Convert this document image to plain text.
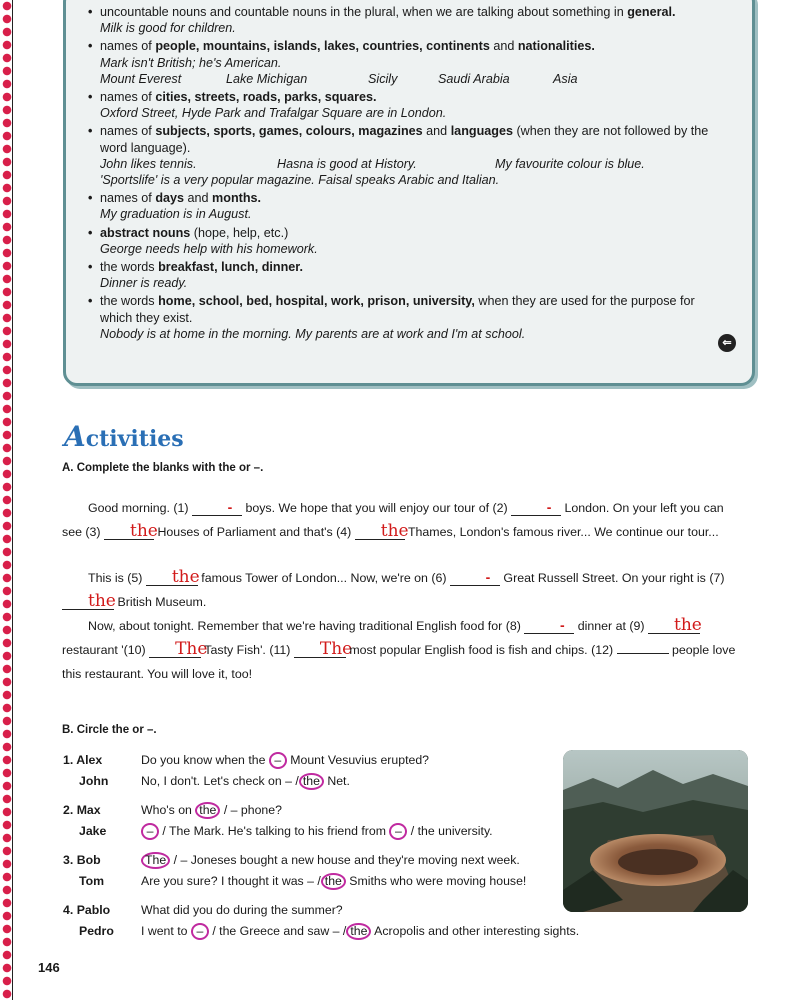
• uncountable nouns and countable nouns in the plural, when we are talking about something in general.
Milk is good for children.
• names of people, mountains, islands, lakes, countries, continents and nationalities.
Mark isn't British; he's American.
Mount Everest	Lake Michigan	Sicily	Saudi Arabia	Asia
• names of cities, streets, roads, parks, squares.
Oxford Street, Hyde Park and Trafalgar Square are in London.
• names of subjects, sports, games, colours, magazines and languages (when they are not followed by the word language).
John likes tennis.	Hasna is good at History.	My favourite colour is blue.
'Sportslife' is a very popular magazine. Faisal speaks Arabic and Italian.
• names of days and months.
My graduation is in August.
• abstract nouns (hope, help, etc.)
George needs help with his homework.
• the words breakfast, lunch, dinner.
Dinner is ready.
• the words home, school, bed, hospital, work, prison, university, when they are used for the purpose for which they exist.
Nobody is at home in the morning. My parents are at work and I'm at school.
⇐
Activities
A. Complete the blanks with the or –.
Good morning. (1)	- boys. We hope that you will enjoy our tour of (2)	- London. On your left you can see (3) the Houses of Parliament and that's (4) the Thames, London's famous river... We continue our tour...
This is (5) the famous Tower of London... Now, we're on (6)	- Great Russell Street. On your right is (7) the British Museum.
Now, about tonight. Remember that we're having traditional English food for (8)	- dinner at (9) the restaurant '(10) The Tasty Fish'. (11) The most popular English food is fish and chips. (12)	people love this restaurant. You will love it, too!
B. Circle the or –.
1. Alex	Do you know when the – Mount Vesuvius erupted?
John	No, I don't. Let's check on – / the Net.
2. Max	Who's on the / – phone?
Jake	– / The Mark. He's talking to his friend from – / the university.
3. Bob	The / – Joneses bought a new house and they're moving next week.
Tom	Are you sure? I thought it was – / the Smiths who were moving house!
4. Pablo	What did you do during the summer?
Pedro I went to – / the Greece and saw – / the Acropolis and other interesting sights.
146
